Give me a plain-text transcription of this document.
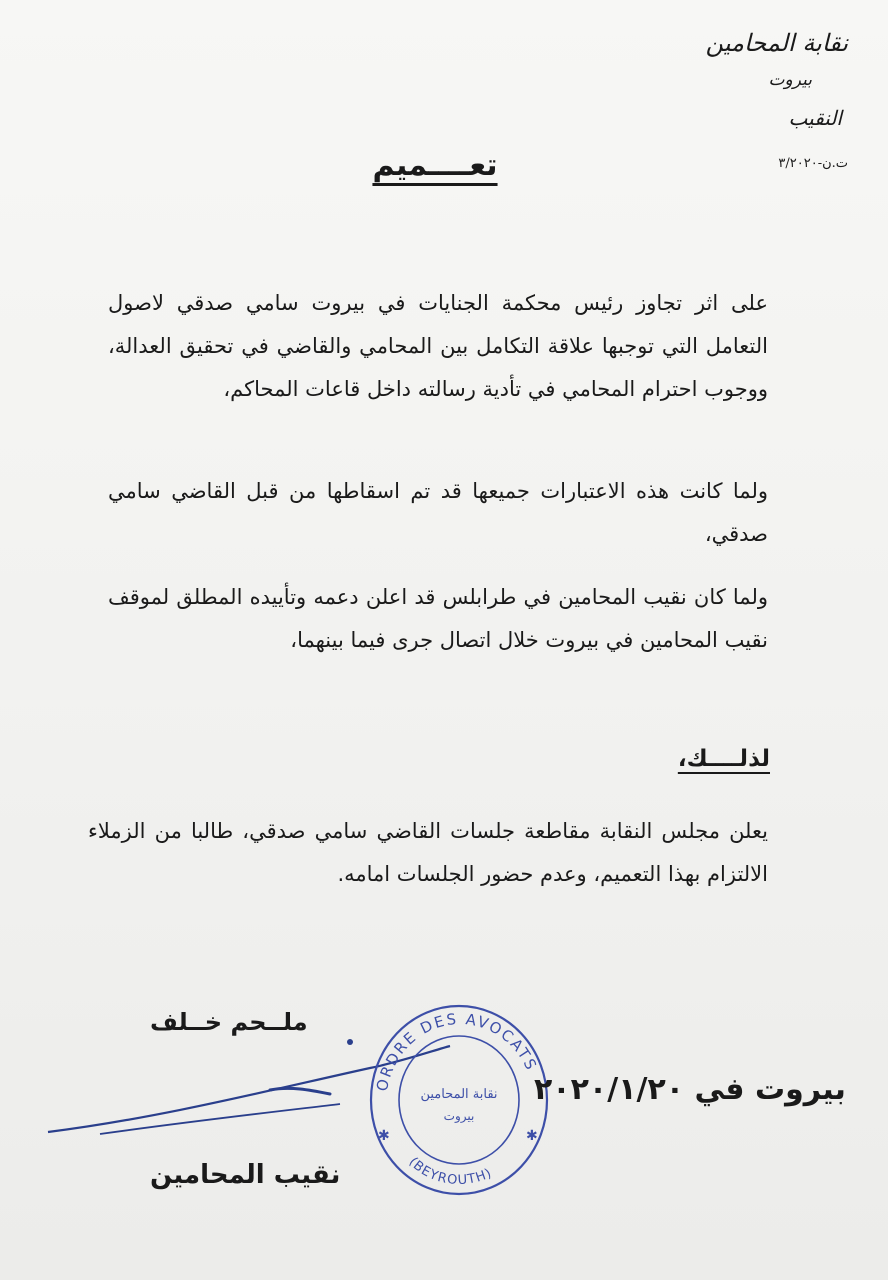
نقابة المحامين
بيروت
النقيب
ت.ن-٣/٢٠٢٠
تعــــميم
على اثر تجاوز رئيس محكمة الجنايات في بيروت سامي صدقي لاصول التعامل التي توجبها علاقة التكامل بين المحامي والقاضي في تحقيق العدالة، ووجوب احترام المحامي في تأدية رسالته داخل قاعات المحاكم،
ولما كانت هذه الاعتبارات جميعها قد تم اسقاطها من قبل القاضي سامي صدقي،
ولما كان نقيب المحامين في طرابلس قد اعلن دعمه وتأييده المطلق لموقف نقيب المحامين في بيروت خلال اتصال جرى فيما بينهما،
لذلــــك،
يعلن مجلس النقابة مقاطعة جلسات القاضي سامي صدقي، طالبا من الزملاء الالتزام بهذا التعميم، وعدم حضور الجلسات امامه.
ORDRE DES AVOCATS
(BEYROUTH)
نقابة المحامين
بيروت
✱	✱
ملــحم خــلف
بيروت في ٢٠٢٠/١/٢٠
نقيب المحامين
